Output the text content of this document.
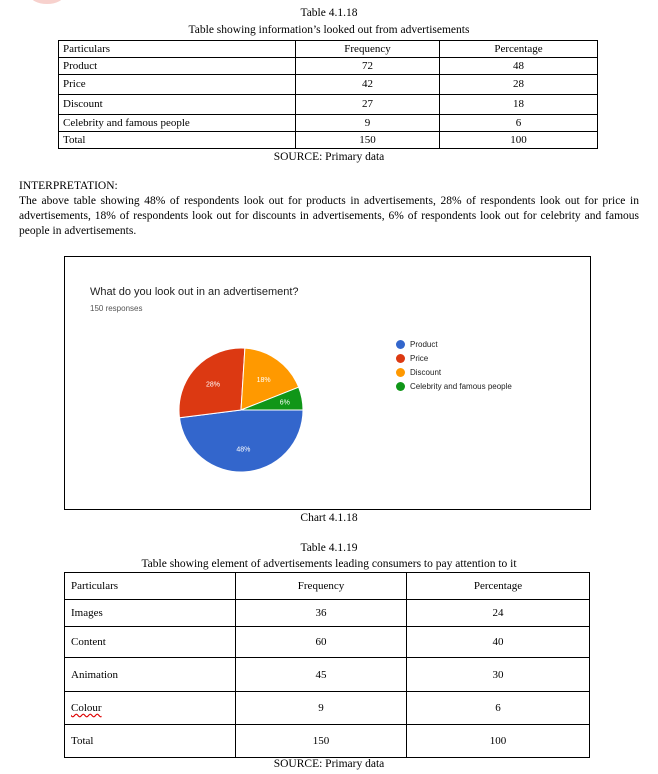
Table 4.1.18
Table showing information’s looked out from advertisements
Particulars	Frequency	Percentage
Product	72	48
Price	42	28
Discount	27	18
Celebrity and famous people	9	6
Total	150	100
SOURCE: Primary data
INTERPRETATION:
The above table showing 48% of respondents look out for products in advertisements, 28% of respondents look out for price in advertisements, 18% of respondents look out for discounts in advertisements, 6% of respondents look out for celebrity and famous people in advertisements.
What do you look out in an advertisement?
150 responses
48%
28%
18%
6%
Product
Price
Discount
Celebrity and famous people
Chart 4.1.18
Table 4.1.19
Table showing element of advertisements leading consumers to pay attention to it
Particulars	Frequency	Percentage
Images	36	24
Content	60	40
Animation	45	30
Colour	9	6
Total	150	100
SOURCE: Primary data
